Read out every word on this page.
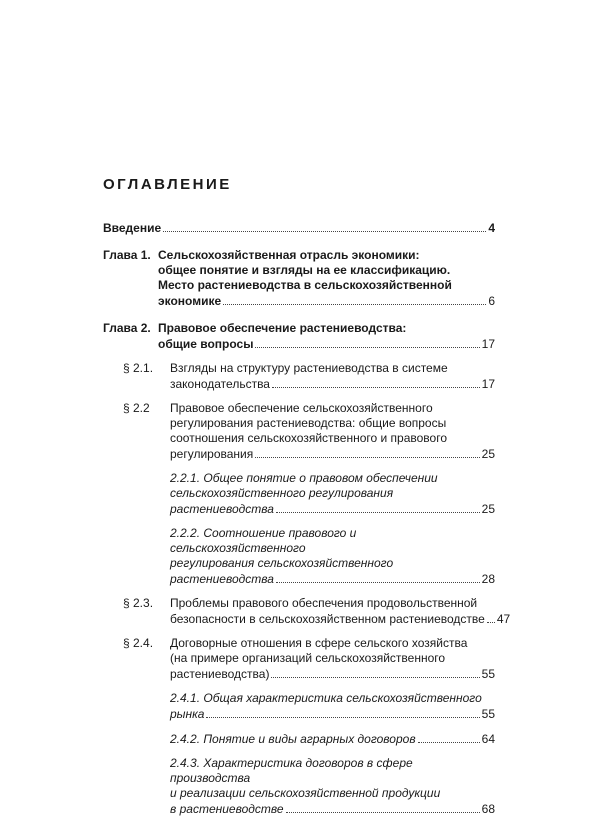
ОГЛАВЛЕНИЕ
Введение	4
Глава 1. Сельскохозяйственная отрасль экономики:
общее понятие и взгляды на ее классификацию.
Место растениеводства в сельскохозяйственной
экономике	6
Глава 2. Правовое обеспечение растениеводства:
общие вопросы	17
§ 2.1.	Взгляды на структуру растениеводства в системе
законодательства	17
§ 2.2	Правовое обеспечение сельскохозяйственного
регулирования растениеводства: общие вопросы
соотношения сельскохозяйственного и правового
регулирования	25
2.2.1. Общее понятие о правовом обеспечении
сельскохозяйственного регулирования
растениеводства	25
2.2.2. Соотношение правового и сельскохозяйственного
регулирования сельскохозяйственного
растениеводства	28
§ 2.3.	Проблемы правового обеспечения продовольственной
безопасности в сельскохозяйственном растениеводстве 47
§ 2.4.	Договорные отношения в сфере сельского хозяйства
(на примере организаций сельскохозяйственного
растениеводства)	55
2.4.1. Общая характеристика сельскохозяйственного
рынка	55
2.4.2. Понятие и виды аграрных договоров	64
2.4.3. Характеристика договоров в сфере производства
и реализации сельскохозяйственной продукции
в растениеводстве	68
